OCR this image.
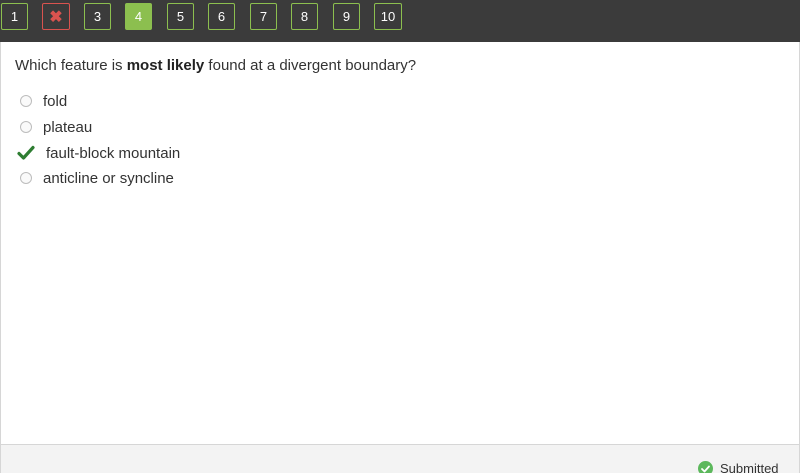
1 ✖ 3	4	5	6	7	8	9 10
Which feature is most likely found at a divergent boundary?
fold
plateau
fault-block mountain
anticline or syncline
Submitted
